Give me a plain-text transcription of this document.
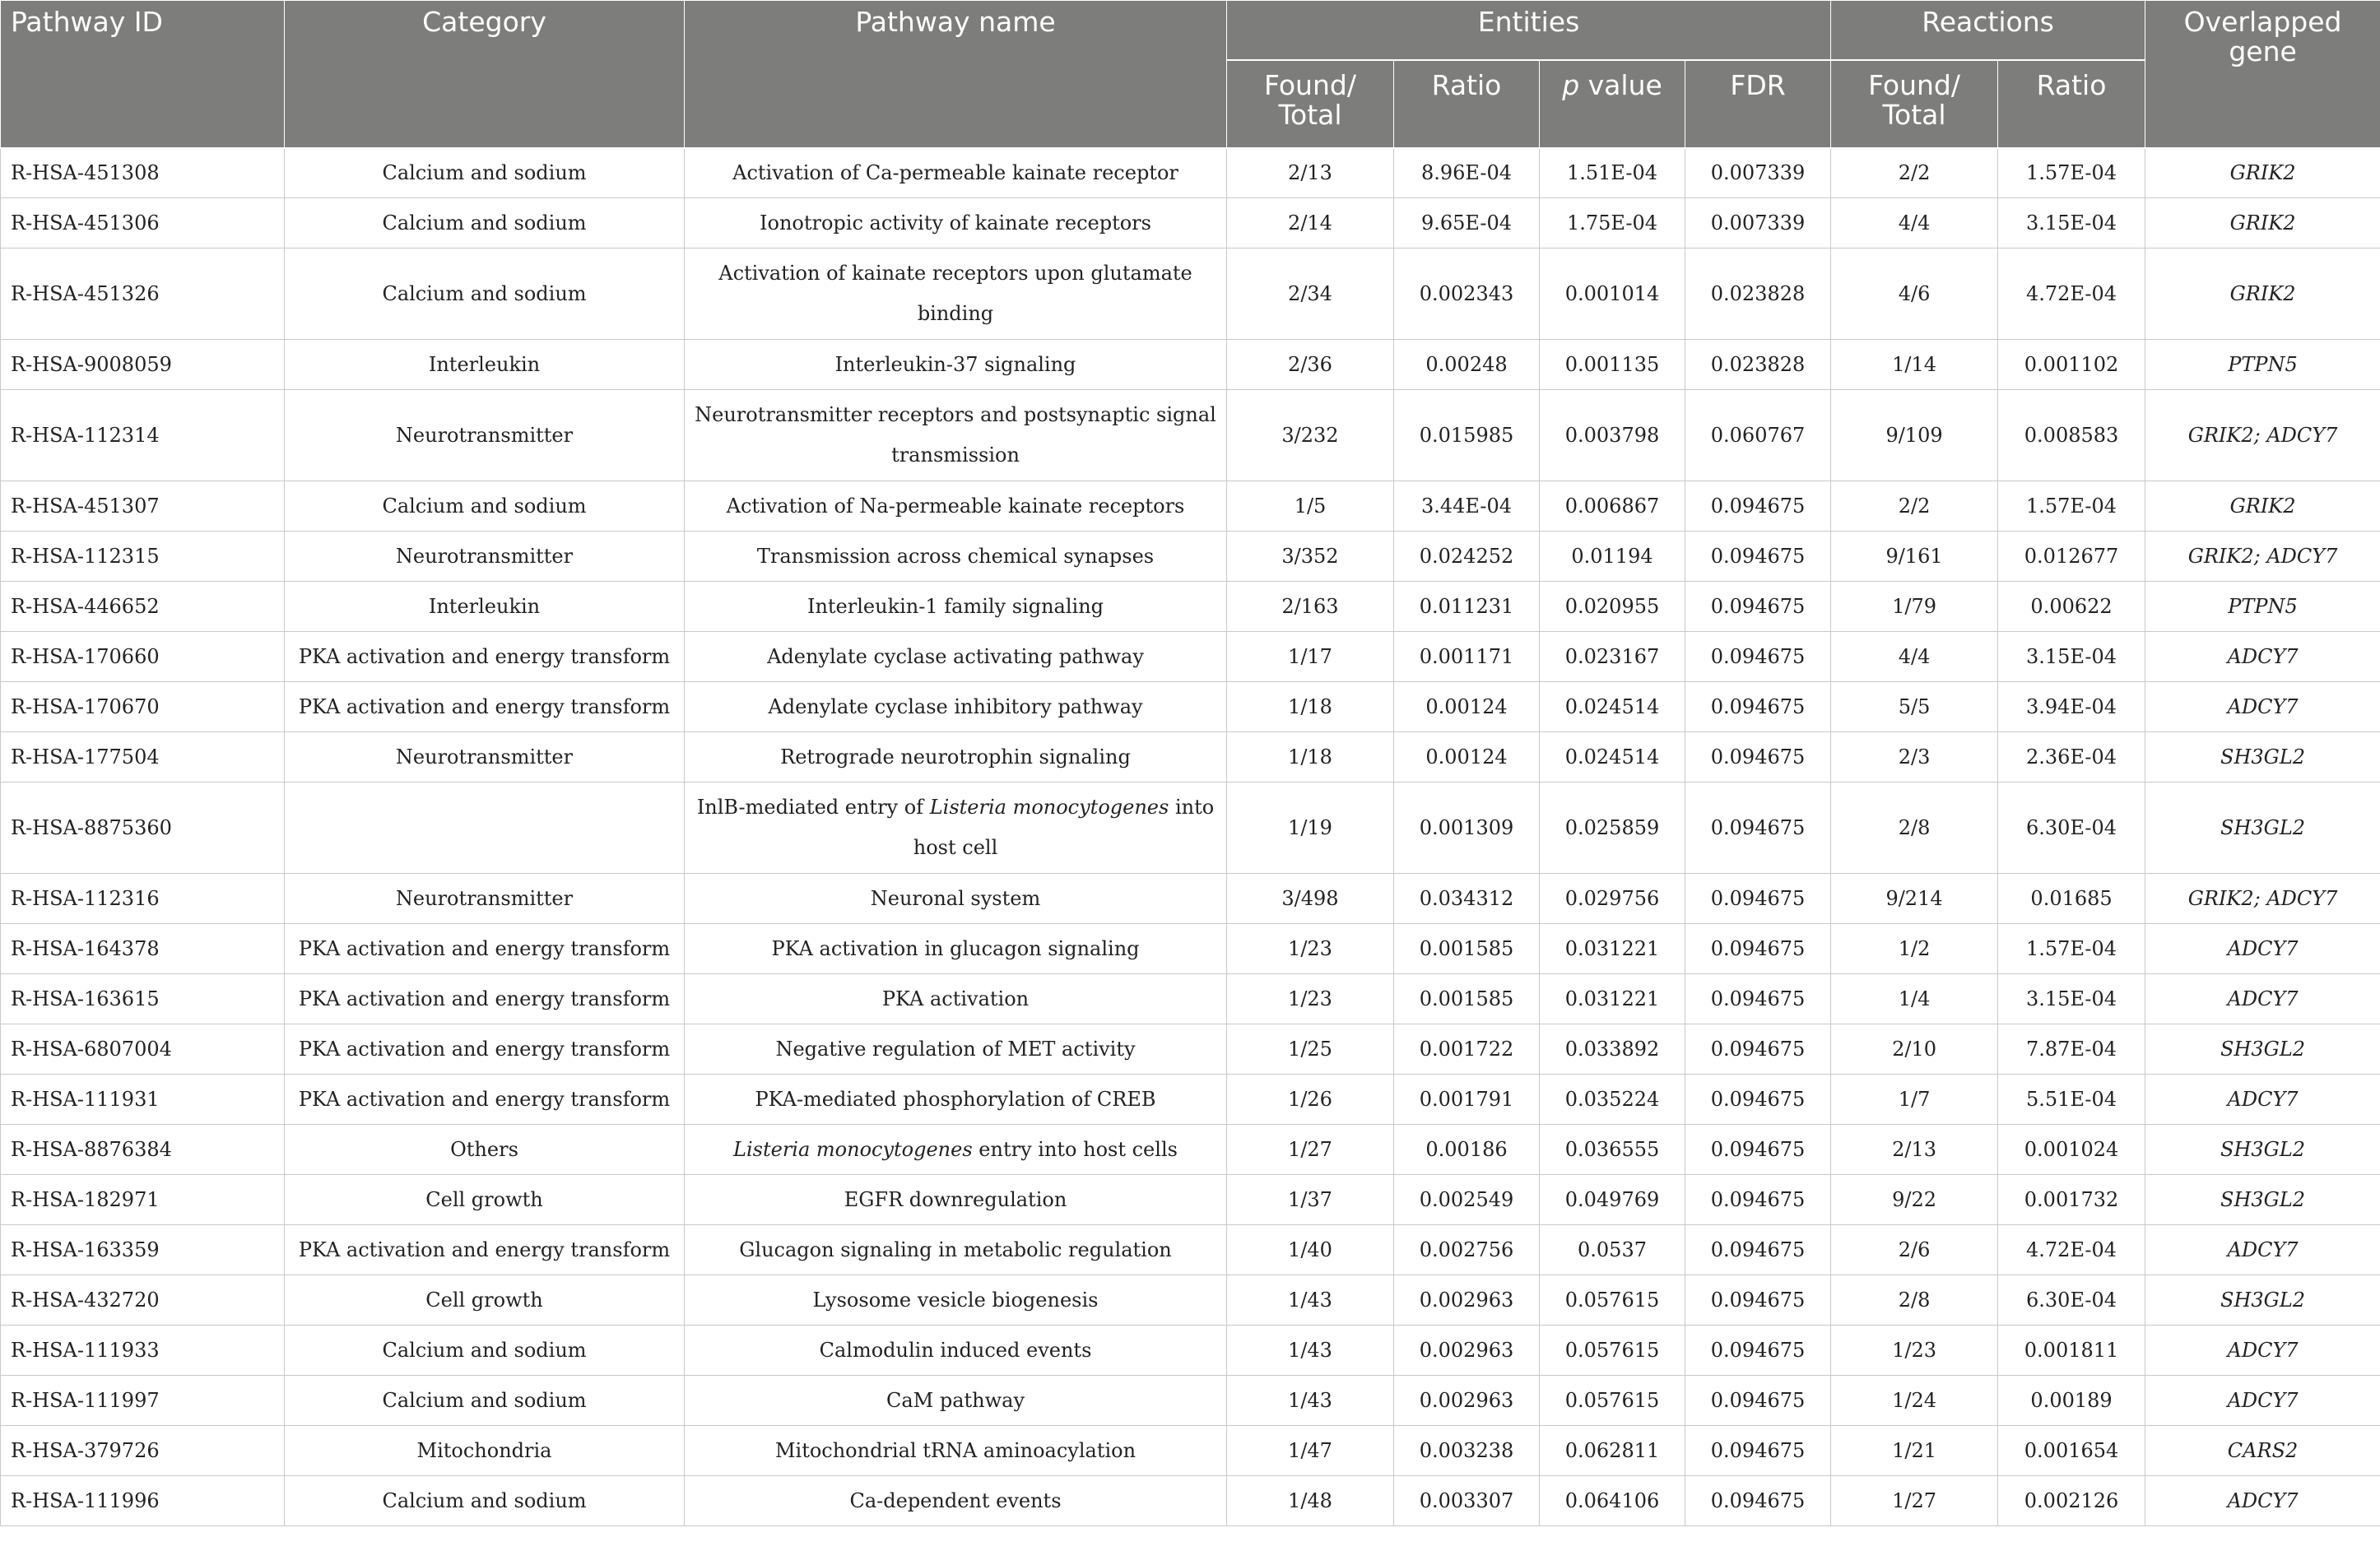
Pathway ID	Category	Pathway name	Entities				Reactions		Overlapped gene
			Found/ Total	Ratio	p value	FDR	Found/ Total	Ratio	
R-HSA-451308	Calcium and sodium	Activation of Ca-permeable kainate receptor	2/13	8.96E-04	1.51E-04	0.007339	2/2	1.57E-04	GRIK2
R-HSA-451306	Calcium and sodium	Ionotropic activity of kainate receptors	2/14	9.65E-04	1.75E-04	0.007339	4/4	3.15E-04	GRIK2
R-HSA-451326	Calcium and sodium	Activation of kainate receptors upon glutamate binding	2/34	0.002343	0.001014	0.023828	4/6	4.72E-04	GRIK2
R-HSA-9008059	Interleukin	Interleukin-37 signaling	2/36	0.00248	0.001135	0.023828	1/14	0.001102	PTPN5
R-HSA-112314	Neurotransmitter	Neurotransmitter receptors and postsynaptic signal transmission	3/232	0.015985	0.003798	0.060767	9/109	0.008583	GRIK2; ADCY7
R-HSA-451307	Calcium and sodium	Activation of Na-permeable kainate receptors	1/5	3.44E-04	0.006867	0.094675	2/2	1.57E-04	GRIK2
R-HSA-112315	Neurotransmitter	Transmission across chemical synapses	3/352	0.024252	0.01194	0.094675	9/161	0.012677	GRIK2; ADCY7
R-HSA-446652	Interleukin	Interleukin-1 family signaling	2/163	0.011231	0.020955	0.094675	1/79	0.00622	PTPN5
R-HSA-170660	PKA activation and energy transform	Adenylate cyclase activating pathway	1/17	0.001171	0.023167	0.094675	4/4	3.15E-04	ADCY7
R-HSA-170670	PKA activation and energy transform	Adenylate cyclase inhibitory pathway	1/18	0.00124	0.024514	0.094675	5/5	3.94E-04	ADCY7
R-HSA-177504	Neurotransmitter	Retrograde neurotrophin signaling	1/18	0.00124	0.024514	0.094675	2/3	2.36E-04	SH3GL2
R-HSA-8875360		InlB-mediated entry of Listeria monocytogenes into host cell	1/19	0.001309	0.025859	0.094675	2/8	6.30E-04	SH3GL2
R-HSA-112316	Neurotransmitter	Neuronal system	3/498	0.034312	0.029756	0.094675	9/214	0.01685	GRIK2; ADCY7
R-HSA-164378	PKA activation and energy transform	PKA activation in glucagon signaling	1/23	0.001585	0.031221	0.094675	1/2	1.57E-04	ADCY7
R-HSA-163615	PKA activation and energy transform	PKA activation	1/23	0.001585	0.031221	0.094675	1/4	3.15E-04	ADCY7
R-HSA-6807004	PKA activation and energy transform	Negative regulation of MET activity	1/25	0.001722	0.033892	0.094675	2/10	7.87E-04	SH3GL2
R-HSA-111931	PKA activation and energy transform	PKA-mediated phosphorylation of CREB	1/26	0.001791	0.035224	0.094675	1/7	5.51E-04	ADCY7
R-HSA-8876384	Others	Listeria monocytogenes entry into host cells	1/27	0.00186	0.036555	0.094675	2/13	0.001024	SH3GL2
R-HSA-182971	Cell growth	EGFR downregulation	1/37	0.002549	0.049769	0.094675	9/22	0.001732	SH3GL2
R-HSA-163359	PKA activation and energy transform	Glucagon signaling in metabolic regulation	1/40	0.002756	0.0537	0.094675	2/6	4.72E-04	ADCY7
R-HSA-432720	Cell growth	Lysosome vesicle biogenesis	1/43	0.002963	0.057615	0.094675	2/8	6.30E-04	SH3GL2
R-HSA-111933	Calcium and sodium	Calmodulin induced events	1/43	0.002963	0.057615	0.094675	1/23	0.001811	ADCY7
R-HSA-111997	Calcium and sodium	CaM pathway	1/43	0.002963	0.057615	0.094675	1/24	0.00189	ADCY7
R-HSA-379726	Mitochondria	Mitochondrial tRNA aminoacylation	1/47	0.003238	0.062811	0.094675	1/21	0.001654	CARS2
R-HSA-111996	Calcium and sodium	Ca-dependent events	1/48	0.003307	0.064106	0.094675	1/27	0.002126	ADCY7
